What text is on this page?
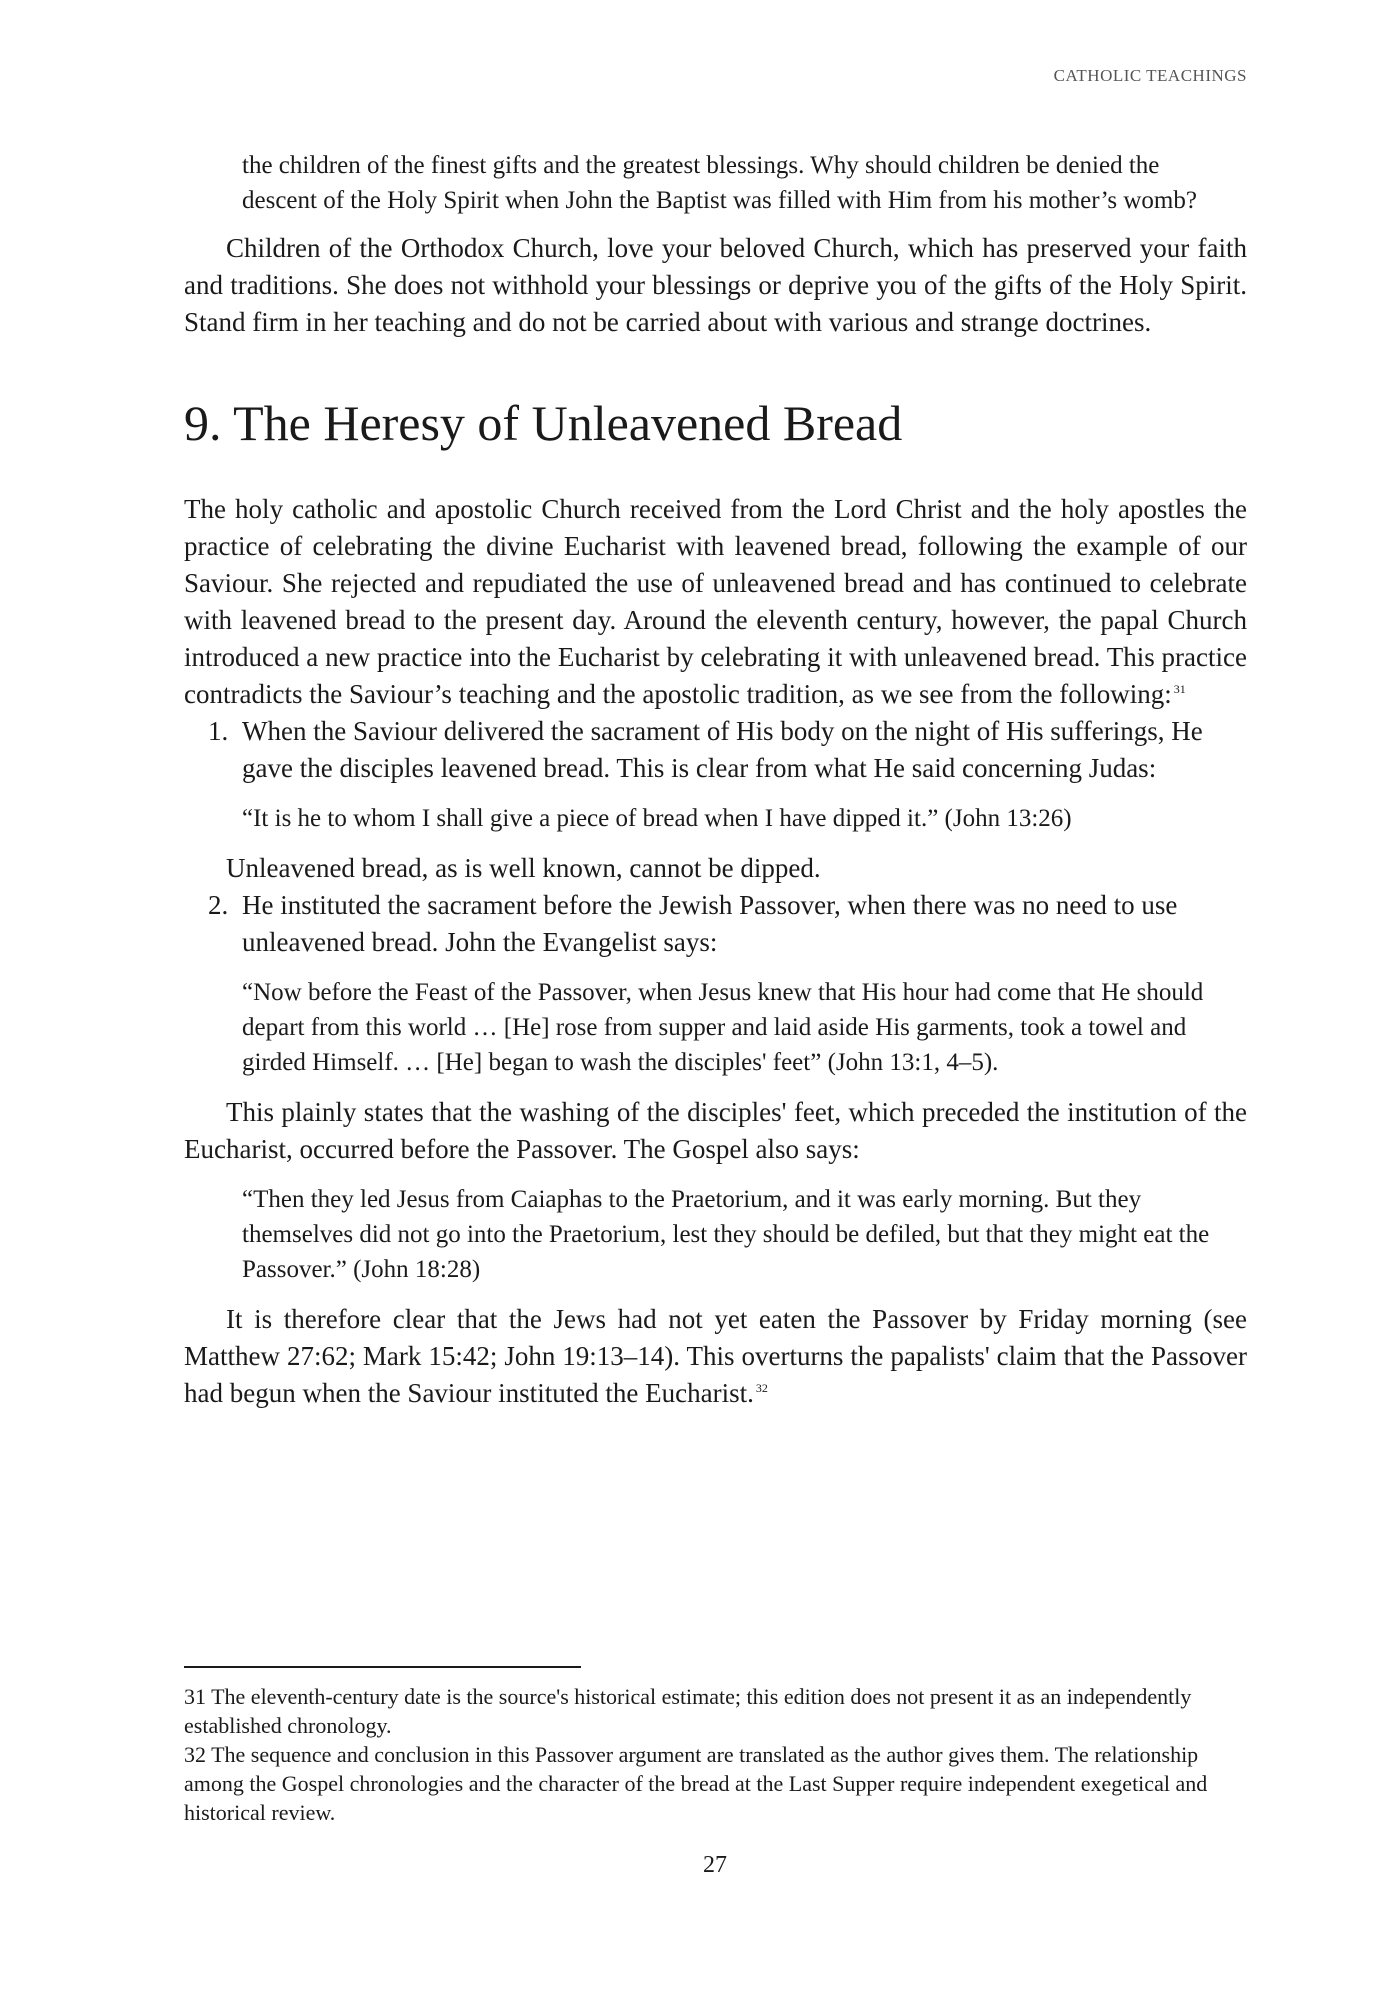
CATHOLIC TEACHINGS

the children of the finest gifts and the greatest blessings. Why should children be denied the descent of the Holy Spirit when John the Baptist was filled with Him from his mother’s womb?

Children of the Orthodox Church, love your beloved Church, which has preserved your faith and traditions. She does not withhold your blessings or deprive you of the gifts of the Holy Spirit. Stand firm in her teaching and do not be carried about with various and strange doctrines.

9. The Heresy of Unleavened Bread

The holy catholic and apostolic Church received from the Lord Christ and the holy apostles the practice of celebrating the divine Eucharist with leavened bread, following the example of our Saviour. She rejected and repudiated the use of unleavened bread and has continued to celebrate with leavened bread to the present day. Around the eleventh century, however, the papal Church introduced a new practice into the Eucharist by celebrating it with unleavened bread. This practice contradicts the Saviour’s teaching and the apostolic tradition, as we see from the following: $^{31}$

1. When the Saviour delivered the sacrament of His body on the night of His sufferings, He gave the disciples leavened bread. This is clear from what He said concerning Judas:

“It is he to whom I shall give a piece of bread when I have dipped it.” (John 13:26)

Unleavened bread, as is well known, cannot be dipped.

2. He instituted the sacrament before the Jewish Passover, when there was no need to use unleavened bread. John the Evangelist says:

“Now before the Feast of the Passover, when Jesus knew that His hour had come that He should depart from this world … [He] rose from supper and laid aside His garments, took a towel and girded Himself. … [He] began to wash the disciples' feet” (John 13:1, 4–5).

This plainly states that the washing of the disciples' feet, which preceded the institution of the Eucharist, occurred before the Passover. The Gospel also says:

“Then they led Jesus from Caiaphas to the Praetorium, and it was early morning. But they themselves did not go into the Praetorium, lest they should be defiled, but that they might eat the Passover.” (John 18:28)

It is therefore clear that the Jews had not yet eaten the Passover by Friday morning (see Matthew 27:62; Mark 15:42; John 19:13–14). This overturns the papalists' claim that the Passover had begun when the Saviour instituted the Eucharist. $^{32}$

31 The eleventh-century date is the source's historical estimate; this edition does not present it as an independently established chronology.

32 The sequence and conclusion in this Passover argument are translated as the author gives them. The relationship among the Gospel chronologies and the character of the bread at the Last Supper require independent exegetical and historical review.

27
